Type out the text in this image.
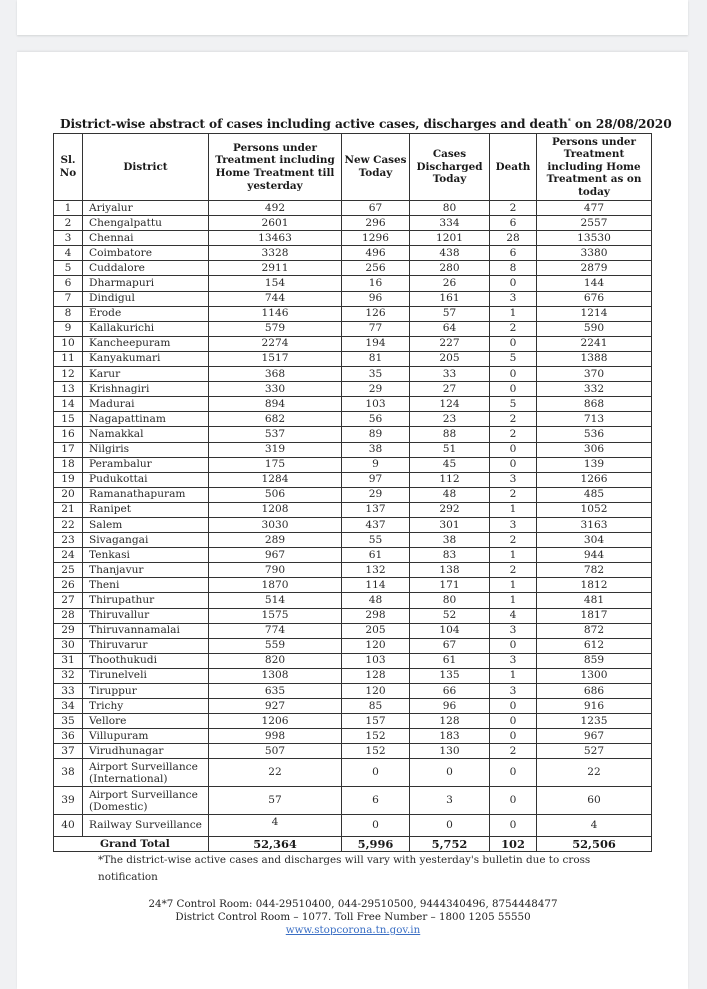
District-wise abstract of cases including active cases, discharges and death* on 28/08/2020
Sl. No	District	Persons under Treatment including Home Treatment till yesterday	New Cases Today	Cases Discharged Today	Death	Persons under Treatment including Home Treatment as on today
1	Ariyalur	492	67	80	2	477
2	Chengalpattu	2601	296	334	6	2557
3	Chennai	13463	1296	1201	28	13530
4	Coimbatore	3328	496	438	6	3380
5	Cuddalore	2911	256	280	8	2879
6	Dharmapuri	154	16	26	0	144
7	Dindigul	744	96	161	3	676
8	Erode	1146	126	57	1	1214
9	Kallakurichi	579	77	64	2	590
10	Kancheepuram	2274	194	227	0	2241
11	Kanyakumari	1517	81	205	5	1388
12	Karur	368	35	33	0	370
13	Krishnagiri	330	29	27	0	332
14	Madurai	894	103	124	5	868
15	Nagapattinam	682	56	23	2	713
16	Namakkal	537	89	88	2	536
17	Nilgiris	319	38	51	0	306
18	Perambalur	175	9	45	0	139
19	Pudukottai	1284	97	112	3	1266
20	Ramanathapuram	506	29	48	2	485
21	Ranipet	1208	137	292	1	1052
22	Salem	3030	437	301	3	3163
23	Sivagangai	289	55	38	2	304
24	Tenkasi	967	61	83	1	944
25	Thanjavur	790	132	138	2	782
26	Theni	1870	114	171	1	1812
27	Thirupathur	514	48	80	1	481
28	Thiruvallur	1575	298	52	4	1817
29	Thiruvannamalai	774	205	104	3	872
30	Thiruvarur	559	120	67	0	612
31	Thoothukudi	820	103	61	3	859
32	Tirunelveli	1308	128	135	1	1300
33	Tiruppur	635	120	66	3	686
34	Trichy	927	85	96	0	916
35	Vellore	1206	157	128	0	1235
36	Villupuram	998	152	183	0	967
37	Virudhunagar	507	152	130	2	527
38	Airport Surveillance (International)	22	0	0	0	22
39	Airport Surveillance (Domestic)	57	6	3	0	60
40	Railway Surveillance	4	0	0	0	4
Grand Total		52,364	5,996	5,752	102	52,506
*The district-wise active cases and discharges will vary with yesterday's bulletin due to cross notification
24*7 Control Room: 044-29510400, 044-29510500, 9444340496, 8754448477
District Control Room – 1077. Toll Free Number – 1800 1205 55550
www.stopcorona.tn.gov.in
